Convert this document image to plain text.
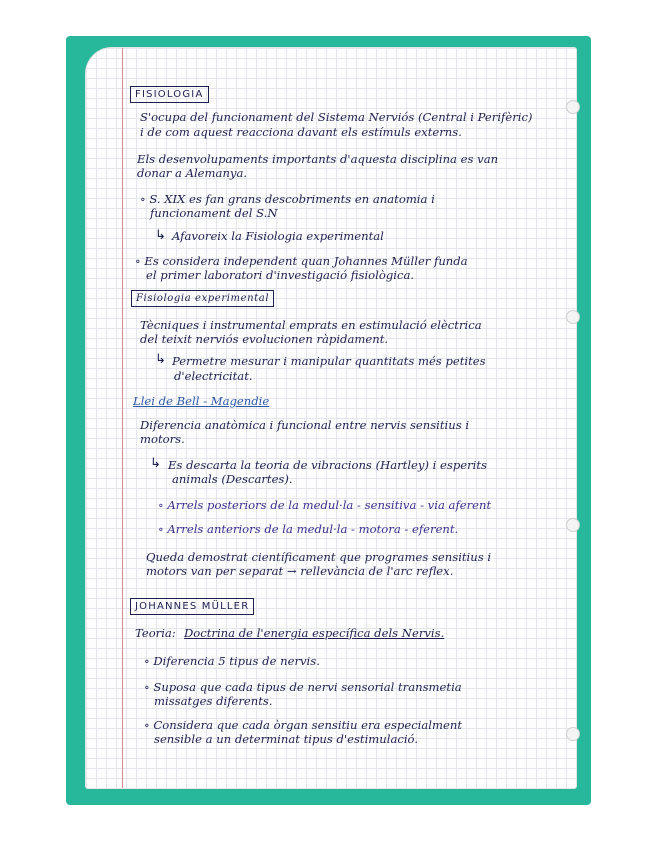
FISIOLOGIA
S'ocupa del funcionament del Sistema Nerviós (Central i Perifèric)
i de com aquest reacciona davant els estímuls externs.
Els desenvolupaments importants d'aquesta disciplina es van
donar a Alemanya.
∘ S. XIX es fan grans descobriments en anatomia i
funcionament del S.N
↳ Afavoreix la Fisiologia experimental
∘ Es considera independent quan Johannes Müller funda
el primer laboratori d'investigació fisiològica.
Fisiologia experimental
Tècniques i instrumental emprats en estimulació elèctrica
del teixit nerviós evolucionen ràpidament.
↳ Permetre mesurar i manipular quantitats més petites
d'electricitat.
Llei de Bell - Magendie
Diferencia anatòmica i funcional entre nervis sensitius i
motors.
↳ Es descarta la teoria de vibracions (Hartley) i esperits
animals (Descartes).
∘ Arrels posteriors de la medul·la - sensitiva - via aferent
∘ Arrels anteriors de la medul·la - motora - eferent.
Queda demostrat científicament que programes sensitius i
motors van per separat → rellevància de l'arc reflex.
JOHANNES MÜLLER
Teoria: Doctrina de l'energia específica dels Nervis.
∘ Diferencia 5 tipus de nervis.
∘ Suposa que cada tipus de nervi sensorial transmetia
missatges diferents.
∘ Considera que cada òrgan sensitiu era especialment
sensible a un determinat tipus d'estimulació.
